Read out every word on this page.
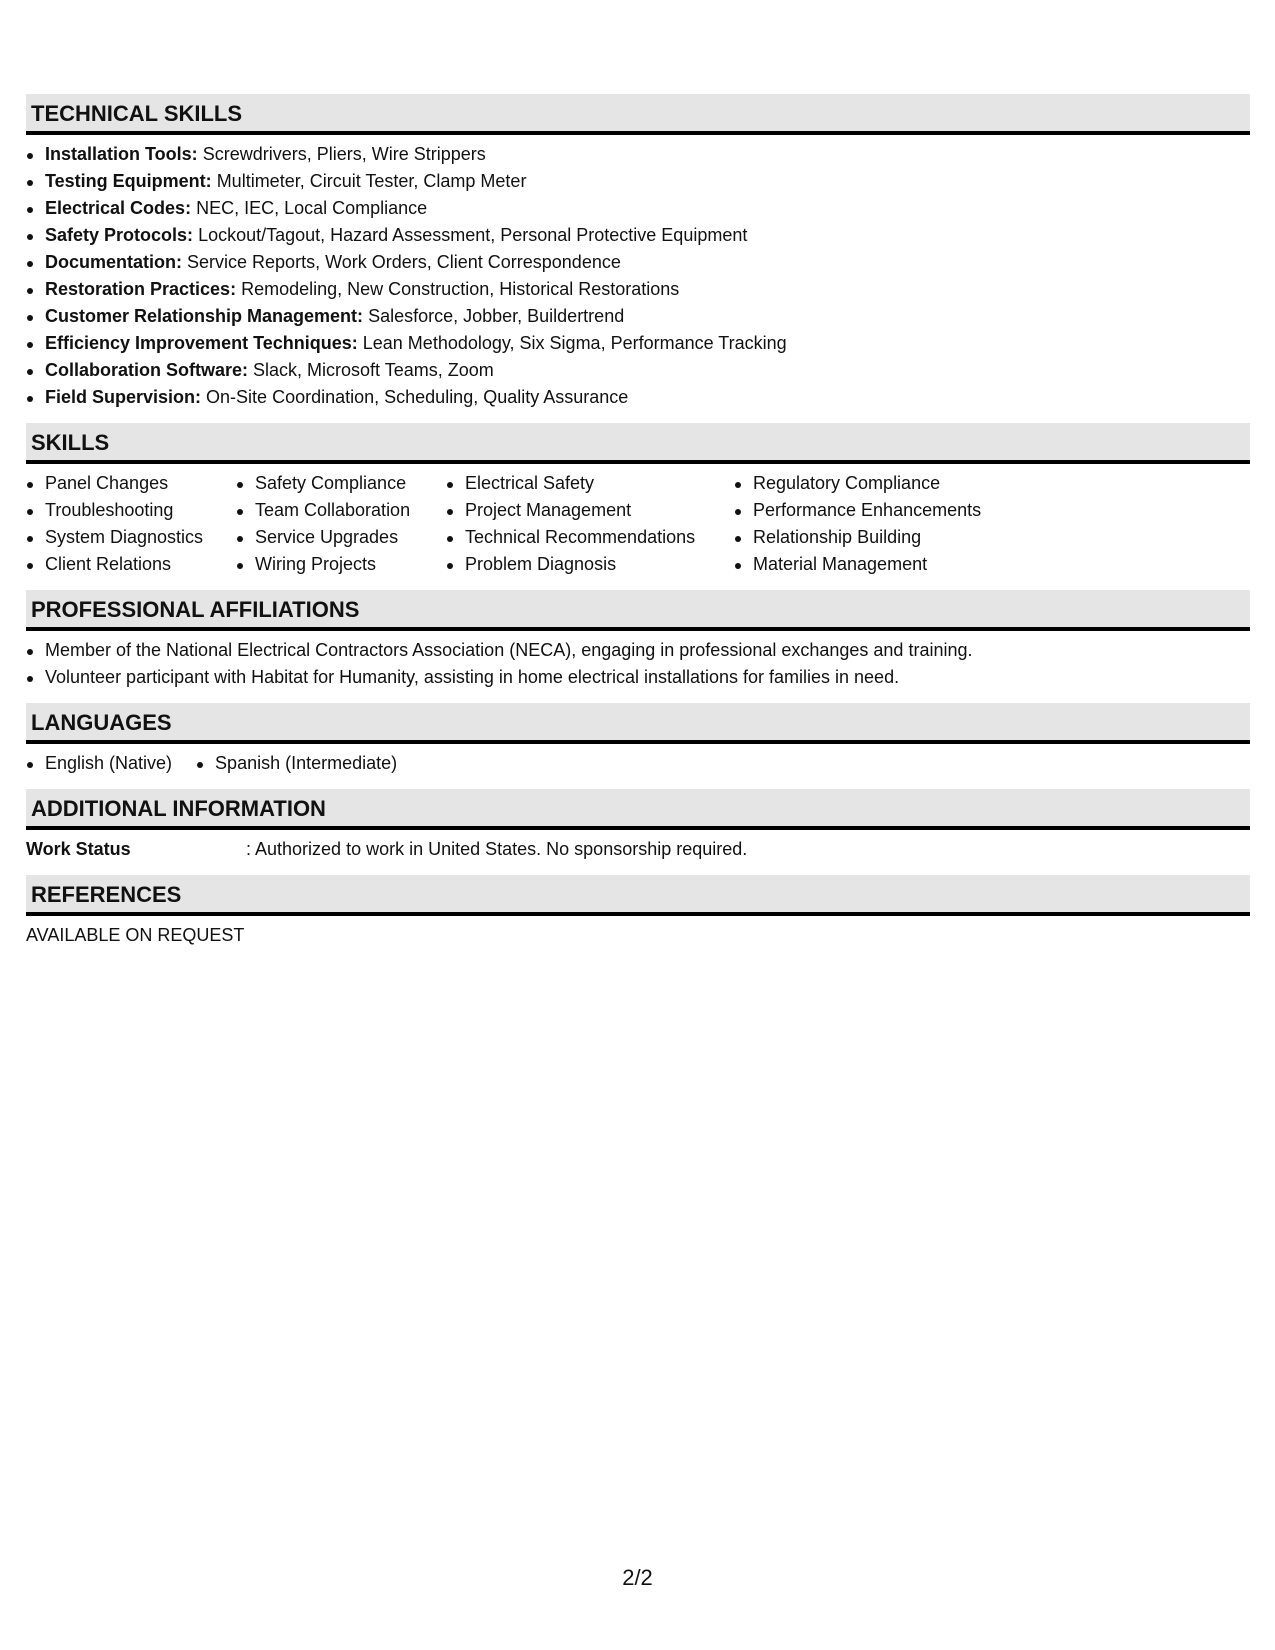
TECHNICAL SKILLS
Installation Tools: Screwdrivers, Pliers, Wire Strippers
Testing Equipment: Multimeter, Circuit Tester, Clamp Meter
Electrical Codes: NEC, IEC, Local Compliance
Safety Protocols: Lockout/Tagout, Hazard Assessment, Personal Protective Equipment
Documentation: Service Reports, Work Orders, Client Correspondence
Restoration Practices: Remodeling, New Construction, Historical Restorations
Customer Relationship Management: Salesforce, Jobber, Buildertrend
Efficiency Improvement Techniques: Lean Methodology, Six Sigma, Performance Tracking
Collaboration Software: Slack, Microsoft Teams, Zoom
Field Supervision: On-Site Coordination, Scheduling, Quality Assurance
SKILLS
Panel Changes
Troubleshooting
System Diagnostics
Client Relations
Safety Compliance
Team Collaboration
Service Upgrades
Wiring Projects
Electrical Safety
Project Management
Technical Recommendations
Problem Diagnosis
Regulatory Compliance
Performance Enhancements
Relationship Building
Material Management
PROFESSIONAL AFFILIATIONS
Member of the National Electrical Contractors Association (NECA), engaging in professional exchanges and training.
Volunteer participant with Habitat for Humanity, assisting in home electrical installations for families in need.
LANGUAGES
English (Native)	Spanish (Intermediate)
ADDITIONAL INFORMATION
Work Status	: Authorized to work in United States. No sponsorship required.
REFERENCES
AVAILABLE ON REQUEST
2/2
